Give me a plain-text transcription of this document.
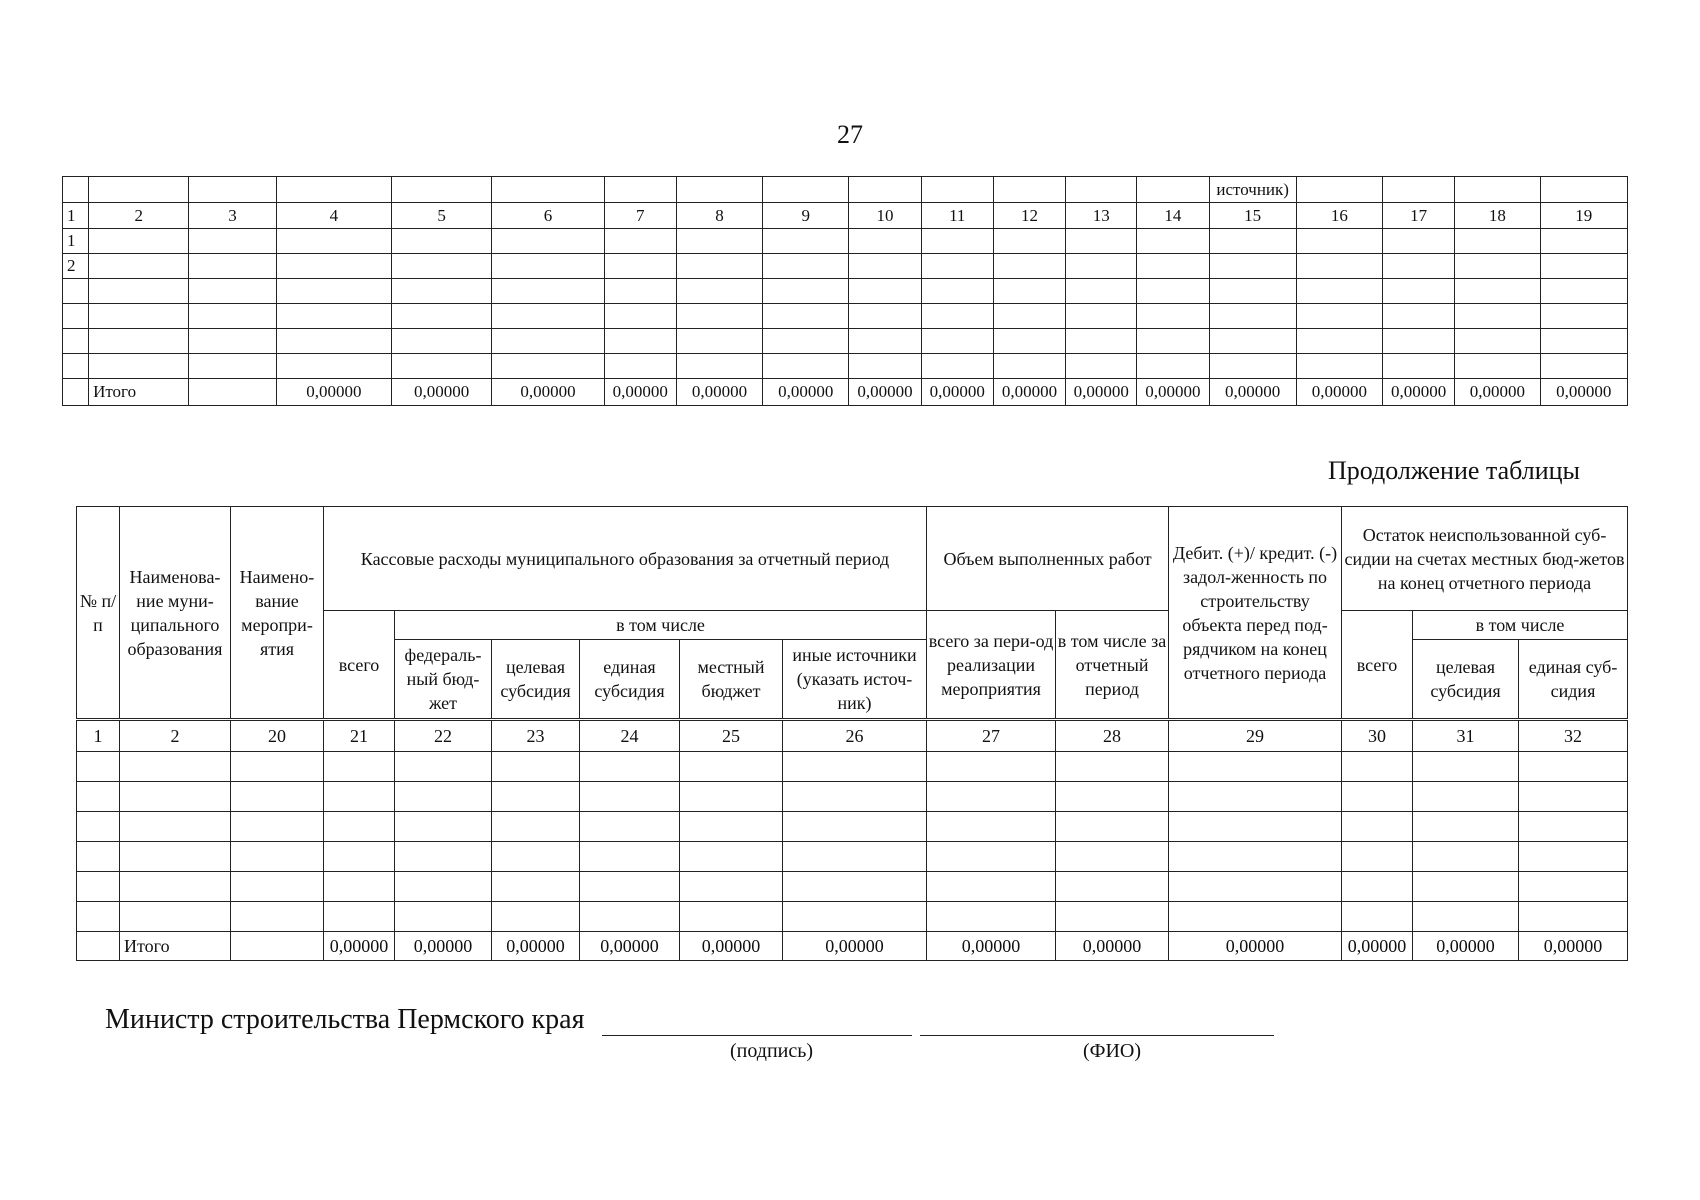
27
														источник)				
1	2	3	4	5	6	7	8	9	10	11	12	13	14	15	16	17	18	19
1																		
2																		

	Итого		0,00000	0,00000	0,00000	0,00000	0,00000	0,00000	0,00000	0,00000	0,00000	0,00000	0,00000	0,00000	0,00000	0,00000	0,00000	0,00000
Продолжение таблицы
№ п/п	Наименова-ние муни-ципального образования	Наимено-вание меропри-ятия	Кассовые расходы муниципального образования за отчетный период						Объем выполненных работ		Дебит. (+)/ кредит. (-) задол-женность по строительству объекта перед под-рядчиком на конец отчетного периода	Остаток неиспользованной суб-сидии на счетах местных бюд-жетов на конец отчетного периода		
			всего	в том числе					всего за пери-од реализации мероприятия	в том числе за отчетный период		всего	в том числе	
				федераль-ный бюд-жет	целевая субсидия	единая субсидия	местный бюджет	иные источники (указать источ-ник)					целевая субсидия	единая суб-сидия
1	2	20	21	22	23	24	25	26	27	28	29	30	31	32

	Итого		0,00000	0,00000	0,00000	0,00000	0,00000	0,00000	0,00000	0,00000	0,00000	0,00000	0,00000	0,00000
Министр строительства Пермского края
(подпись)	(ФИО)
